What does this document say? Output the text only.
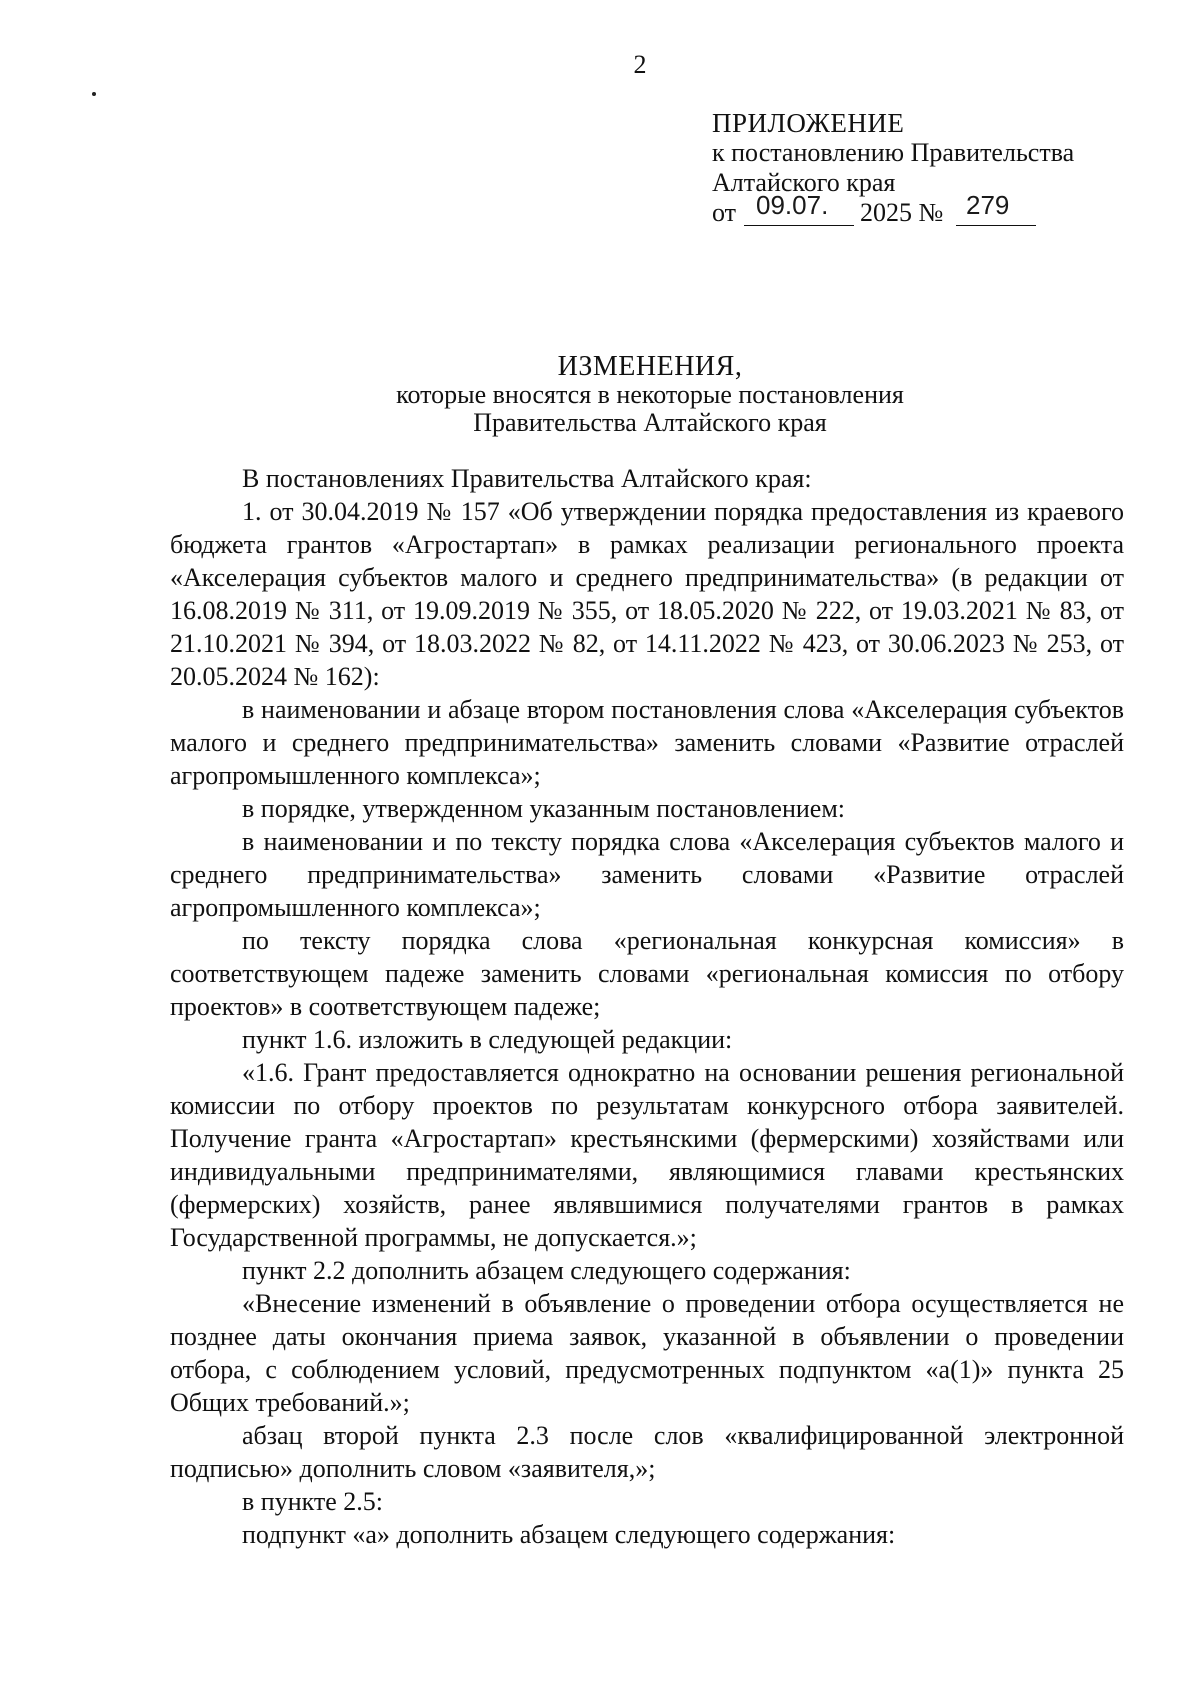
2
ПРИЛОЖЕНИЕ
к постановлению Правительства
Алтайского края
от 09.07. 2025 № 279
ИЗМЕНЕНИЯ,
которые вносятся в некоторые постановления
Правительства Алтайского края

В постановлениях Правительства Алтайского края:

1. от 30.04.2019 № 157 «Об утверждении порядка предоставления из краевого бюджета грантов «Агростартап» в рамках реализации регионального проекта «Акселерация субъектов малого и среднего предпринимательства» (в редакции от 16.08.2019 № 311, от 19.09.2019 № 355, от 18.05.2020 № 222, от 19.03.2021 № 83, от 21.10.2021 № 394, от 18.03.2022 № 82, от 14.11.2022 № 423, от 30.06.2023 № 253, от 20.05.2024 № 162):

в наименовании и абзаце втором постановления слова «Акселерация субъектов малого и среднего предпринимательства» заменить словами «Развитие отраслей агропромышленного комплекса»;

в порядке, утвержденном указанным постановлением:

в наименовании и по тексту порядка слова «Акселерация субъектов малого и среднего предпринимательства» заменить словами «Развитие отраслей агропромышленного комплекса»;

по тексту порядка слова «региональная конкурсная комиссия» в соответствующем падеже заменить словами «региональная комиссия по отбору проектов» в соответствующем падеже;

пункт 1.6. изложить в следующей редакции:

«1.6. Грант предоставляется однократно на основании решения региональной комиссии по отбору проектов по результатам конкурсного отбора заявителей. Получение гранта «Агростартап» крестьянскими (фермерскими) хозяйствами или индивидуальными предпринимателями, являющимися главами крестьянских (фермерских) хозяйств, ранее являвшимися получателями грантов в рамках Государственной программы, не допускается.»;

пункт 2.2 дополнить абзацем следующего содержания:

«Внесение изменений в объявление о проведении отбора осуществляется не позднее даты окончания приема заявок, указанной в объявлении о проведении отбора, с соблюдением условий, предусмотренных подпунктом «а(1)» пункта 25 Общих требований.»;

абзац второй пункта 2.3 после слов «квалифицированной электронной подписью» дополнить словом «заявителя,»;

в пункте 2.5:

подпункт «а» дополнить абзацем следующего содержания:
